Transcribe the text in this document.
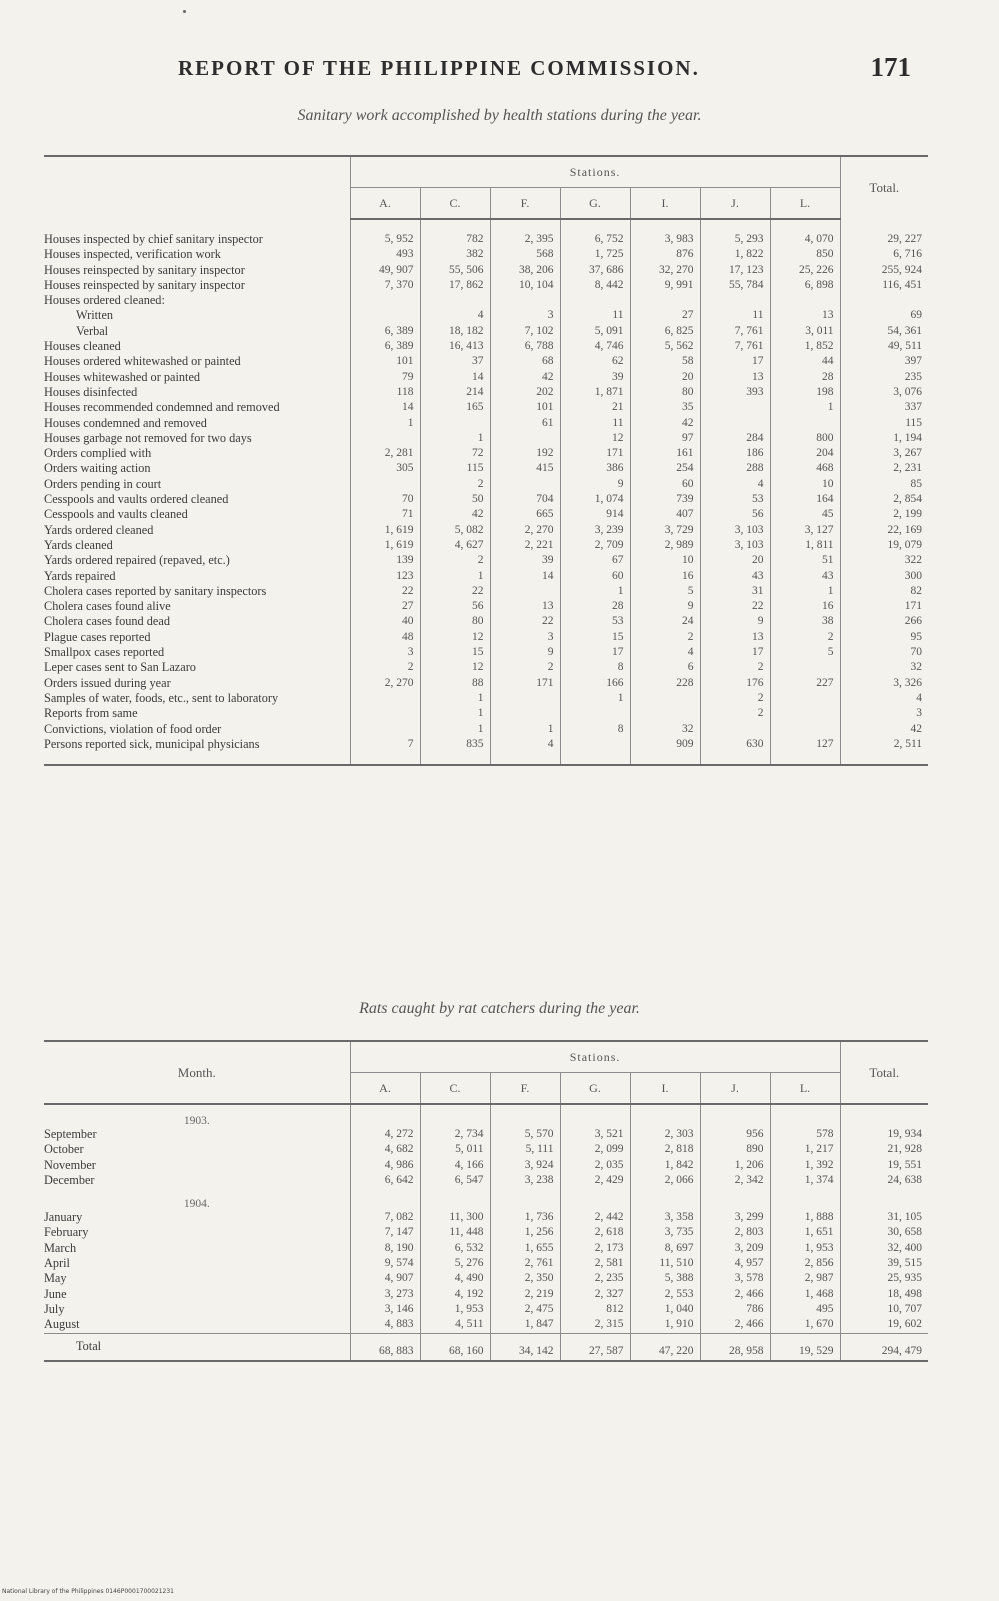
REPORT OF THE PHILIPPINE COMMISSION.	171
Sanitary work accomplished by health stations during the year.
	Stations.							Total.
	A.	C.	F.	G.	I.	J.	L.	

Houses inspected by chief sanitary inspector	5, 952	782	2, 395	6, 752	3, 983	5, 293	4, 070	29, 227

Houses inspected, verification work	493	382	568	1, 725	876	1, 822	850	6, 716

Houses reinspected by sanitary inspector	49, 907	55, 506	38, 206	37, 686	32, 270	17, 123	25, 226	255, 924

Houses reinspected by sanitary inspector	7, 370	17, 862	10, 104	8, 442	9, 991	55, 784	6, 898	116, 451

Houses ordered cleaned:								

Written		4	3	11	27	11	13	69

Verbal	6, 389	18, 182	7, 102	5, 091	6, 825	7, 761	3, 011	54, 361

Houses cleaned	6, 389	16, 413	6, 788	4, 746	5, 562	7, 761	1, 852	49, 511

Houses ordered whitewashed or painted	101	37	68	62	58	17	44	397

Houses whitewashed or painted	79	14	42	39	20	13	28	235

Houses disinfected	118	214	202	1, 871	80	393	198	3, 076

Houses recommended condemned and removed	14	165	101	21	35		1	337

Houses condemned and removed	1		61	11	42			115

Houses garbage not removed for two days		1		12	97	284	800	1, 194

Orders complied with	2, 281	72	192	171	161	186	204	3, 267

Orders waiting action	305	115	415	386	254	288	468	2, 231

Orders pending in court		2		9	60	4	10	85

Cesspools and vaults ordered cleaned	70	50	704	1, 074	739	53	164	2, 854

Cesspools and vaults cleaned	71	42	665	914	407	56	45	2, 199

Yards ordered cleaned	1, 619	5, 082	2, 270	3, 239	3, 729	3, 103	3, 127	22, 169

Yards cleaned	1, 619	4, 627	2, 221	2, 709	2, 989	3, 103	1, 811	19, 079

Yards ordered repaired (repaved, etc.)	139	2	39	67	10	20	51	322

Yards repaired	123	1	14	60	16	43	43	300

Cholera cases reported by sanitary inspectors	22	22		1	5	31	1	82

Cholera cases found alive	27	56	13	28	9	22	16	171

Cholera cases found dead	40	80	22	53	24	9	38	266

Plague cases reported	48	12	3	15	2	13	2	95

Smallpox cases reported	3	15	9	17	4	17	5	70

Leper cases sent to San Lazaro	2	12	2	8	6	2		32

Orders issued during year	2, 270	88	171	166	228	176	227	3, 326

Samples of water, foods, etc., sent to laboratory		1		1		2		4

Reports from same		1				2		3

Convictions, violation of food order		1	1	8	32			42

Persons reported sick, municipal physicians	7	835	4		909	630	127	2, 511

Rats caught by rat catchers during the year.
Month.	Stations.							Total.
	A.	C.	F.	G.	I.	J.	L.	
1903.								
September	4, 272	2, 734	5, 570	3, 521	2, 303	956	578	19, 934
October	4, 682	5, 011	5, 111	2, 099	2, 818	890	1, 217	21, 928
November	4, 986	4, 166	3, 924	2, 035	1, 842	1, 206	1, 392	19, 551
December	6, 642	6, 547	3, 238	2, 429	2, 066	2, 342	1, 374	24, 638
1904.								
January	7, 082	11, 300	1, 736	2, 442	3, 358	3, 299	1, 888	31, 105
February	7, 147	11, 448	1, 256	2, 618	3, 735	2, 803	1, 651	30, 658
March	8, 190	6, 532	1, 655	2, 173	8, 697	3, 209	1, 953	32, 400
April	9, 574	5, 276	2, 761	2, 581	11, 510	4, 957	2, 856	39, 515
May	4, 907	4, 490	2, 350	2, 235	5, 388	3, 578	2, 987	25, 935
June	3, 273	4, 192	2, 219	2, 327	2, 553	2, 466	1, 468	18, 498
July	3, 146	1, 953	2, 475	812	1, 040	786	495	10, 707
August	4, 883	4, 511	1, 847	2, 315	1, 910	2, 466	1, 670	19, 602

Total	68, 883	68, 160	34, 142	27, 587	47, 220	28, 958	19, 529	294, 479
National Library of the Philippines 0146P0001700021231
